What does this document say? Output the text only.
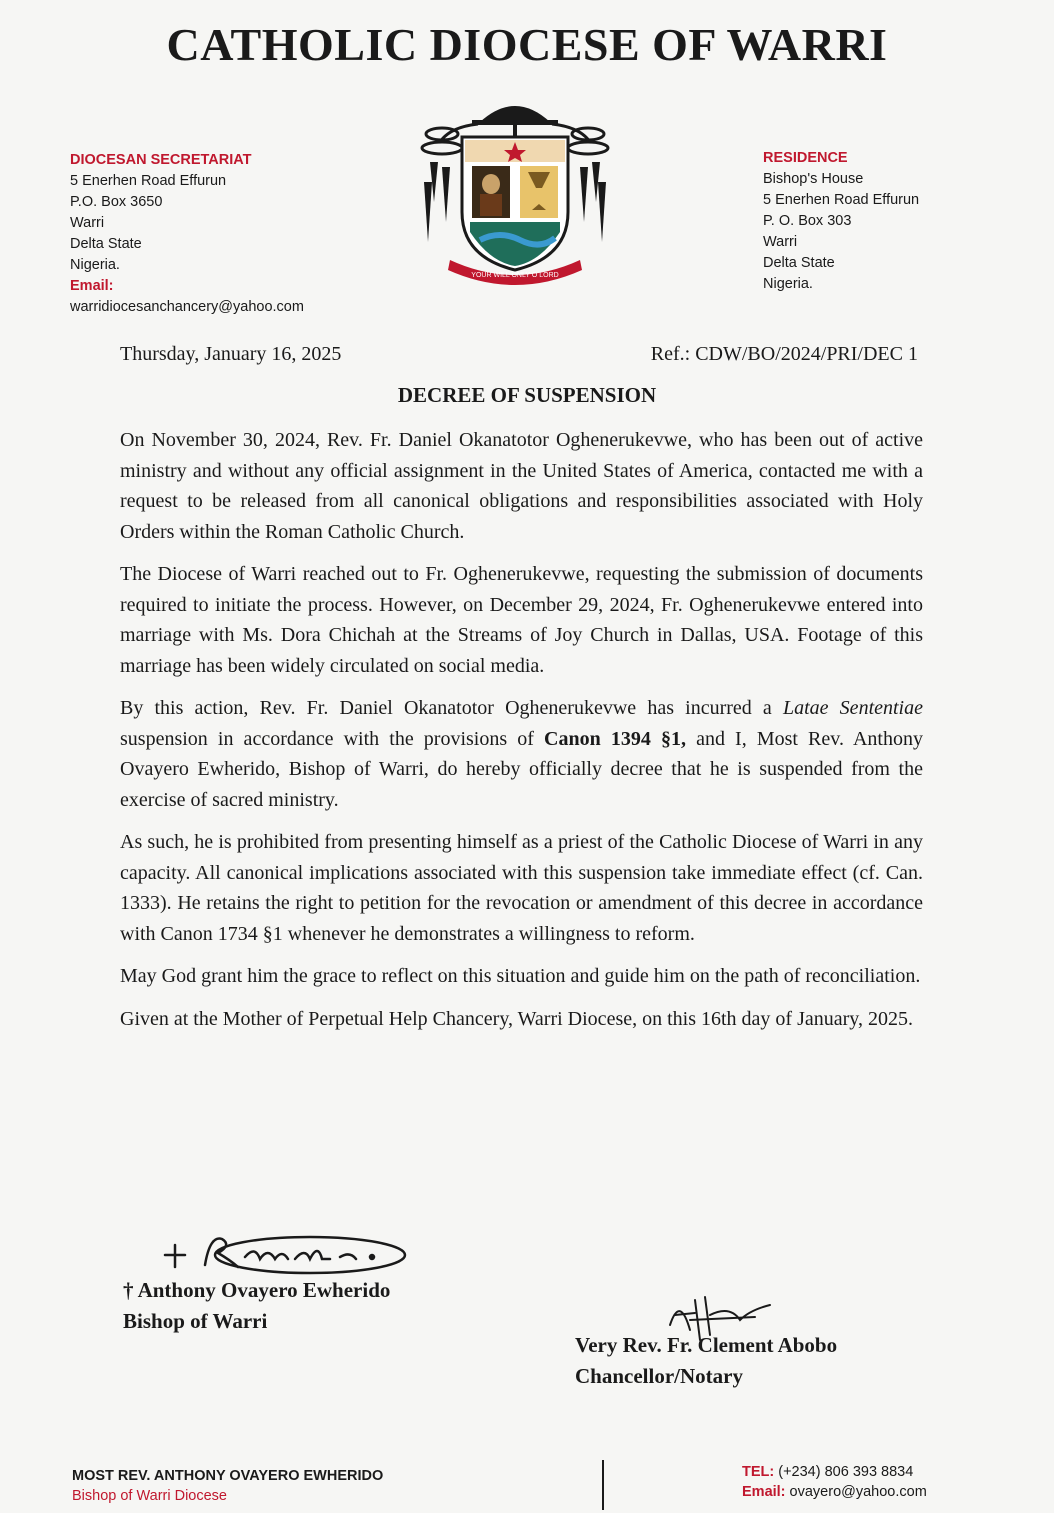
CATHOLIC DIOCESE OF WARRI
YOUR WILL ONLY O LORD
DIOCESAN SECRETARIAT
5 Enerhen Road Effurun
P.O. Box 3650
Warri
Delta State
Nigeria.
Email:
warridiocesanchancery@yahoo.com
RESIDENCE
Bishop's House
5 Enerhen Road Effurun
P. O. Box 303
Warri
Delta State
Nigeria.
Thursday, January 16, 2025	Ref.: CDW/BO/2024/PRI/DEC 1
DECREE OF SUSPENSION

On November 30, 2024, Rev. Fr. Daniel Okanatotor Oghenerukevwe, who has been out of active ministry and without any official assignment in the United States of America, contacted me with a request to be released from all canonical obligations and responsibilities associated with Holy Orders within the Roman Catholic Church.

The Diocese of Warri reached out to Fr. Oghenerukevwe, requesting the submission of documents required to initiate the process. However, on December 29, 2024, Fr. Oghenerukevwe entered into marriage with Ms. Dora Chichah at the Streams of Joy Church in Dallas, USA. Footage of this marriage has been widely circulated on social media.

By this action, Rev. Fr. Daniel Okanatotor Oghenerukevwe has incurred a Latae Sententiae suspension in accordance with the provisions of Canon 1394 §1, and I, Most Rev. Anthony Ovayero Ewherido, Bishop of Warri, do hereby officially decree that he is suspended from the exercise of sacred ministry.

As such, he is prohibited from presenting himself as a priest of the Catholic Diocese of Warri in any capacity. All canonical implications associated with this suspension take immediate effect (cf. Can. 1333). He retains the right to petition for the revocation or amendment of this decree in accordance with Canon 1734 §1 whenever he demonstrates a willingness to reform.

May God grant him the grace to reflect on this situation and guide him on the path of reconciliation.

Given at the Mother of Perpetual Help Chancery, Warri Diocese, on this 16th day of January, 2025.

† Anthony Ovayero Ewherido
Bishop of Warri
Very Rev. Fr. Clement Abobo
Chancellor/Notary
MOST REV. ANTHONY OVAYERO EWHERIDO
Bishop of Warri Diocese
TEL: (+234) 806 393 8834
Email: ovayero@yahoo.com
